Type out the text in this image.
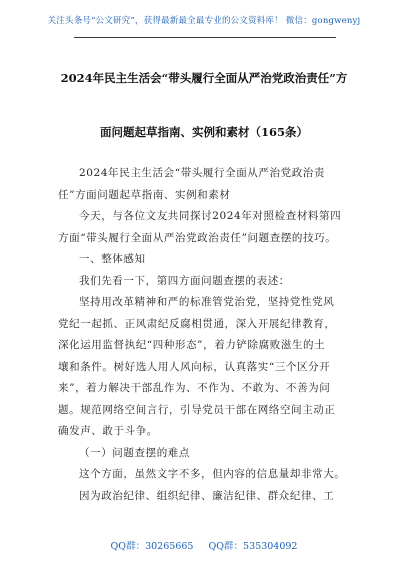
关注头条号“公文研究”，获得最新最全最专业的公文资料库！ 微信：gongwenyj
2024年民主生活会“带头履行全面从严治党政治责任”方
面问题起草指南、实例和素材（165条）
2024年民主生活会“带头履行全面从严治党政治责
任”方面问题起草指南、实例和素材
今天，与各位文友共同探讨2024年对照检查材料第四
方面“带头履行全面从严治党政治责任”问题查摆的技巧。
一、整体感知
我们先看一下，第四方面问题查摆的表述：
坚持用改革精神和严的标准管党治党，坚持党性党风
党纪一起抓、正风肃纪反腐相贯通，深入开展纪律教育，
深化运用监督执纪“四种形态”，着力铲除腐败滋生的土
壤和条件。树好选人用人风向标，认真落实“三个区分开
来”，着力解决干部乱作为、不作为、不敢为、不善为问
题。规范网络空间言行，引导党员干部在网络空间主动正
确发声、敢于斗争。
（一）问题查摆的难点
这个方面，虽然文字不多，但内容的信息量却非常大。
因为政治纪律、组织纪律、廉洁纪律、群众纪律、工
QQ群：30265665 QQ群：535304092
